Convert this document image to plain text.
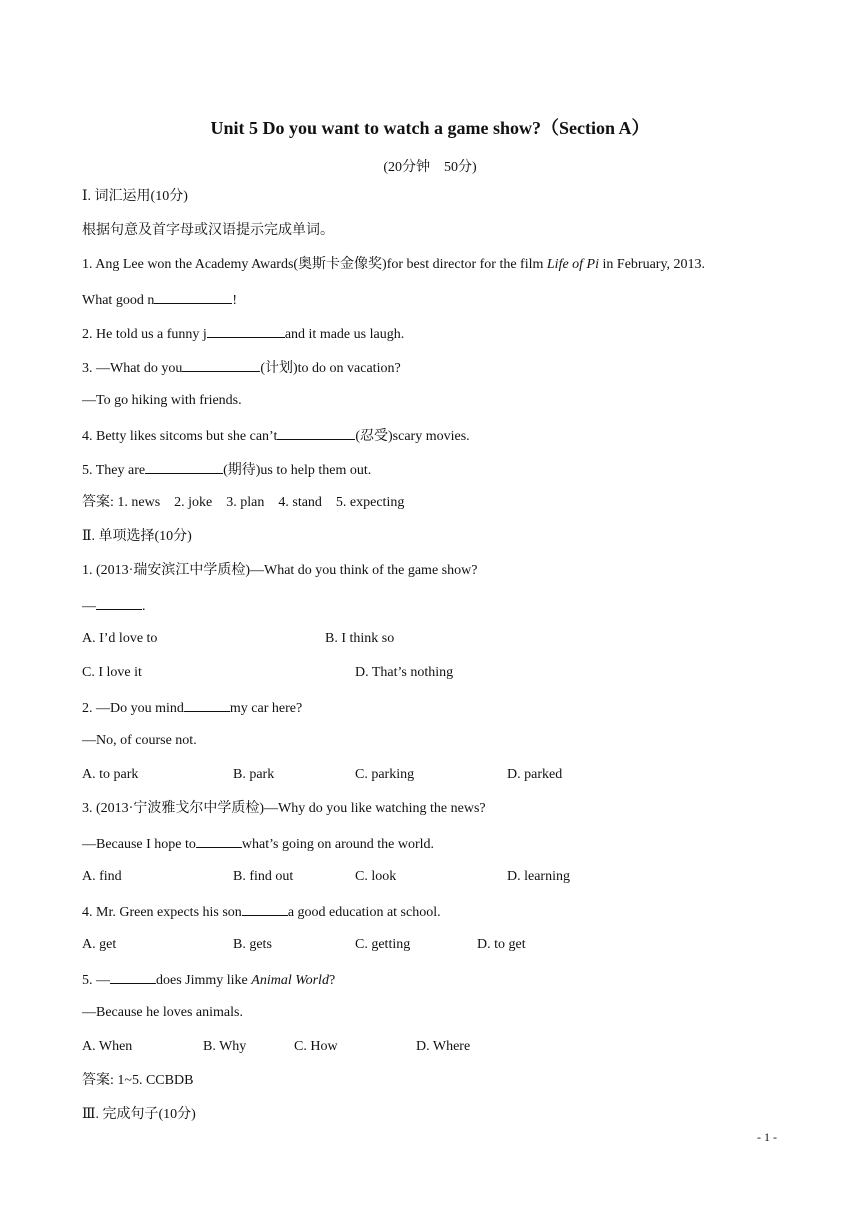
Unit 5 Do you want to watch a game show?（Section A）
(20分钟　50分)
Ⅰ. 词汇运用(10分)
根据句意及首字母或汉语提示完成单词。
1. Ang Lee won the Academy Awards(奥斯卡金像奖)for best director for the film Life of Pi in February, 2013.
What good n	!
2. He told us a funny j	and it made us laugh.
3. —What do you	(计划)to do on vacation?
—To go hiking with friends.
4. Betty likes sitcoms but she can’t	(忍受)scary movies.
5. They are	(期待)us to help them out.
答案: 1. news　2. joke　3. plan　4. stand　5. expecting
Ⅱ. 单项选择(10分)
1. (2013·瑞安滨江中学质检)—What do you think of the game show?
—	.
A. I’d love to	B. I think so
C. I love it	D. That’s nothing
2. —Do you mind	my car here?
—No, of course not.
A. to park	B. park	C. parking	D. parked
3. (2013·宁波雅戈尔中学质检)—Why do you like watching the news?
—Because I hope to	what’s going on around the world.
A. find	B. find out	C. look	D. learning
4. Mr. Green expects his son	a good education at school.
A. get	B. gets	C. getting	D. to get
5. —	does Jimmy like Animal World?
—Because he loves animals.
A. When	B. Why	C. How	D. Where
答案: 1~5. CCBDB
Ⅲ. 完成句子(10分)
- 1 -
